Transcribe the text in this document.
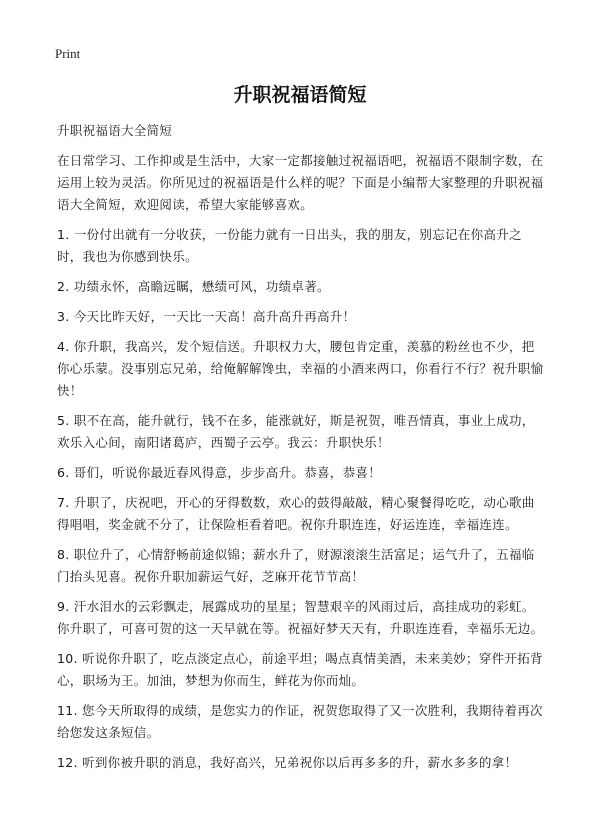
Print
升职祝福语简短

升职祝福语大全简短

在日常学习、工作抑或是生活中，大家一定都接触过祝福语吧，祝福语不限制字数，在运用上较为灵活。你所见过的祝福语是什么样的呢？下面是小编帮大家整理的升职祝福语大全简短，欢迎阅读，希望大家能够喜欢。

1. 一份付出就有一分收获，一份能力就有一日出头，我的朋友，别忘记在你高升之时，我也为你感到快乐。

2. 功绩永怀，高瞻远瞩，懋绩可风，功绩卓著。

3. 今天比昨天好，一天比一天高！高升高升再高升！

4. 你升职，我高兴，发个短信送。升职权力大，腰包肯定重，羡慕的粉丝也不少，把你心乐蒙。没事别忘兄弟，给俺解解馋虫，幸福的小酒来两口，你看行不行？祝升职愉快！

5. 职不在高，能升就行，钱不在多，能涨就好，斯是祝贺，唯吾情真，事业上成功，欢乐入心间，南阳诸葛庐，西蜀子云亭。我云：升职快乐！

6. 哥们，听说你最近春风得意，步步高升。恭喜，恭喜！

7. 升职了，庆祝吧，开心的牙得数数，欢心的鼓得敲敲，精心聚餐得吃吃，动心歌曲得唱唱，奖金就不分了，让保险柜看着吧。祝你升职连连，好运连连，幸福连连。

8. 职位升了，心情舒畅前途似锦；薪水升了，财源滚滚生活富足；运气升了，五福临门抬头见喜。祝你升职加薪运气好，芝麻开花节节高！

9. 汗水泪水的云彩飘走，展露成功的星星；智慧艰辛的风雨过后，高挂成功的彩虹。你升职了，可喜可贺的这一天早就在等。祝福好梦天天有，升职连连看，幸福乐无边。

10. 听说你升职了，吃点淡定点心，前途平坦；喝点真情美酒，未来美妙；穿件开拓背心，职场为王。加油，梦想为你而生，鲜花为你而灿。

11. 您今天所取得的成绩，是您实力的作证，祝贺您取得了又一次胜利，我期待着再次给您发这条短信。

12. 听到你被升职的消息，我好高兴，兄弟祝你以后再多多的升，薪水多多的拿！
